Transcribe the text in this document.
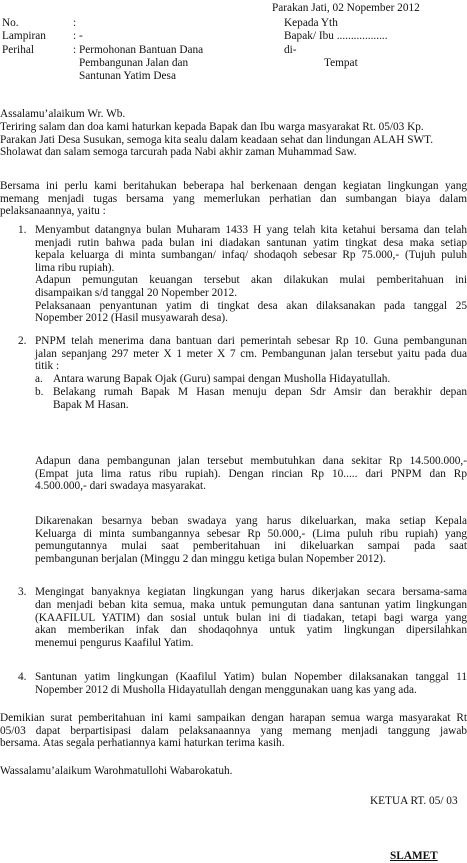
Parakan Jati, 02 Nopember 2012
No.	:
Lampiran : -
Perihal	: Permohonan Bantuan Dana
Pembangunan Jalan dan
Santunan Yatim Desa
Kepada Yth
Bapak/ Ibu ..................
di-
Tempat
Assalamu’alaikum Wr. Wb.
Teriring salam dan doa kami haturkan kepada Bapak dan Ibu warga masyarakat Rt. 05/03 Kp.
Parakan Jati Desa Susukan, semoga kita sealu dalam keadaan sehat dan lindungan ALAH SWT.
Sholawat dan salam semoga tarcurah pada Nabi akhir zaman Muhammad Saw.
Bersama ini perlu kami beritahukan beberapa hal berkenaan dengan kegiatan lingkungan yang
memang menjadi tugas bersama yang memerlukan perhatian dan sumbangan biaya dalam
pelaksanaannya, yaitu :
1. Menyambut datangnya bulan Muharam 1433 H yang telah kita ketahui bersama dan telah
menjadi rutin bahwa pada bulan ini diadakan santunan yatim tingkat desa maka setiap
kepala keluarga di minta sumbangan/ infaq/ shodaqoh sebesar Rp 75.000,- (Tujuh puluh
lima ribu rupiah).
Adapun pemungutan keuangan tersebut akan dilakukan mulai pemberitahuan ini
disampaikan s/d tanggal 20 Nopember 2012.
Pelaksanaan penyantunan yatim di tingkat desa akan dilaksanakan pada tanggal 25
Nopember 2012 (Hasil musyawarah desa).
2. PNPM telah menerima dana bantuan dari pemerintah sebesar Rp 10. Guna pembangunan
jalan sepanjang 297 meter X 1 meter X 7 cm. Pembangunan jalan tersebut yaitu pada dua
titik :
a. Antara warung Bapak Ojak (Guru) sampai dengan Musholla Hidayatullah.
b. Belakang rumah Bapak M Hasan menuju depan Sdr Amsir dan berakhir depan
Bapak M Hasan.
Adapun dana pembangunan jalan tersebut membutuhkan dana sekitar Rp 14.500.000,-
(Empat juta lima ratus ribu rupiah). Dengan rincian Rp 10..... dari PNPM dan Rp
4.500.000,- dari swadaya masyarakat.
Dikarenakan besarnya beban swadaya yang harus dikeluarkan, maka setiap Kepala
Keluarga di minta sumbangannya sebesar Rp 50.000,- (Lima puluh ribu rupiah) yang
pemungutannya mulai saat pemberitahuan ini dikeluarkan sampai pada saat
pembangunan berjalan (Minggu 2 dan minggu ketiga bulan Nopember 2012).
3. Mengingat banyaknya kegiatan lingkungan yang harus dikerjakan secara bersama-sama
dan menjadi beban kita semua, maka untuk pemungutan dana santunan yatim lingkungan
(KAAFILUL YATIM) dan sosial untuk bulan ini di tiadakan, tetapi bagi warga yang
akan memberikan infak dan shodaqohnya untuk yatim lingkungan dipersilahkan
menemui pengurus Kaafilul Yatim.
4. Santunan yatim lingkungan (Kaafilul Yatim) bulan Nopember dilaksanakan tanggal 11
Nopember 2012 di Musholla Hidayatullah dengan menggunakan uang kas yang ada.
Demikian surat pemberitahuan ini kami sampaikan dengan harapan semua warga masyarakat Rt
05/03 dapat berpartisipasi dalam pelaksanaannya yang memang menjadi tanggung jawab
bersama. Atas segala perhatiannya kami haturkan terima kasih.
Wassalamu’alaikum Warohmatullohi Wabarokatuh.
KETUA RT. 05/ 03
SLAMET
